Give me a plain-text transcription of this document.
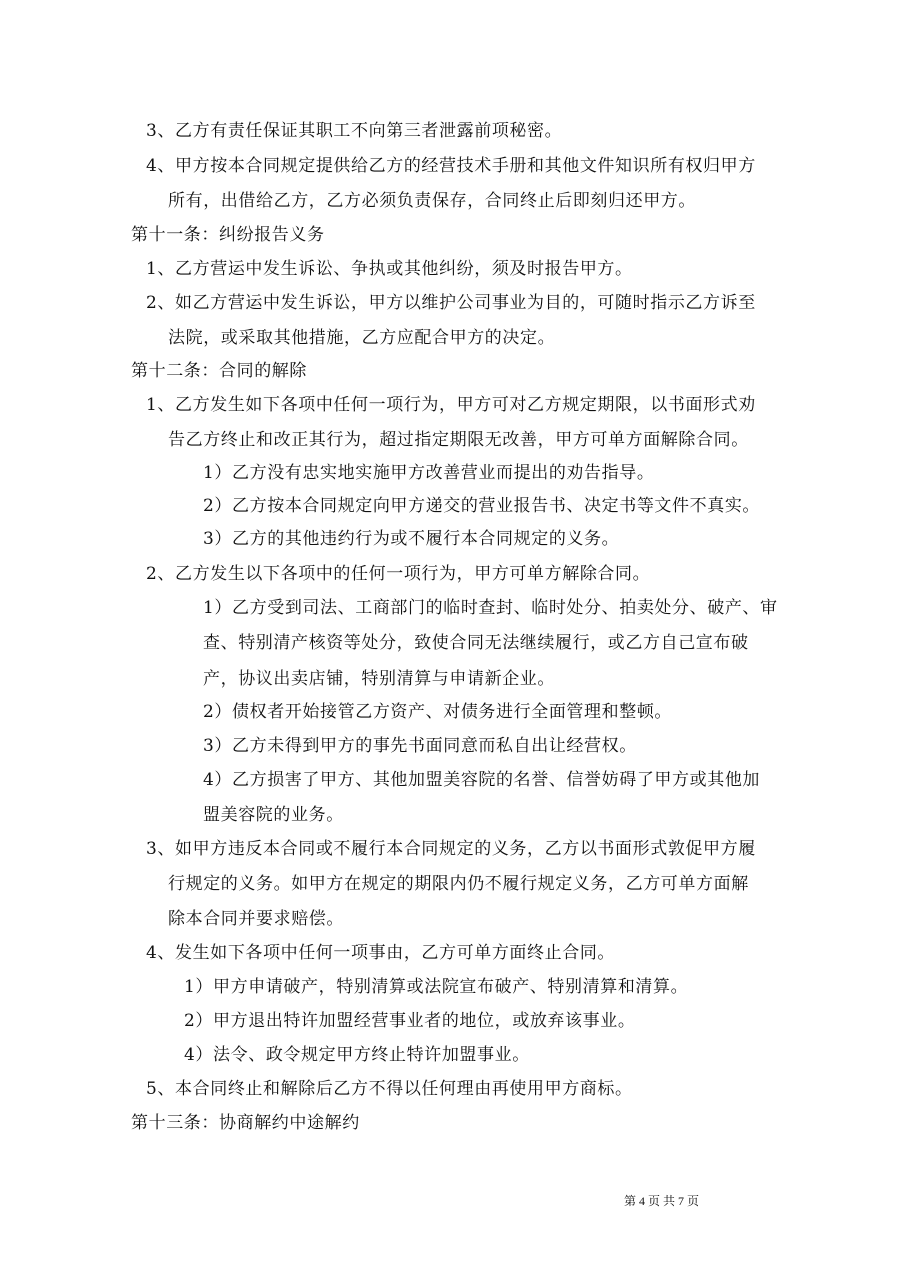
3、乙方有责任保证其职工不向第三者泄露前项秘密。
4、甲方按本合同规定提供给乙方的经营技术手册和其他文件知识所有权归甲方
所有，出借给乙方，乙方必须负责保存，合同终止后即刻归还甲方。
第十一条：纠纷报告义务
1、乙方营运中发生诉讼、争执或其他纠纷，须及时报告甲方。
2、如乙方营运中发生诉讼，甲方以维护公司事业为目的，可随时指示乙方诉至
法院，或采取其他措施，乙方应配合甲方的决定。
第十二条：合同的解除
1、乙方发生如下各项中任何一项行为，甲方可对乙方规定期限，以书面形式劝
告乙方终止和改正其行为，超过指定期限无改善，甲方可单方面解除合同。
1）乙方没有忠实地实施甲方改善营业而提出的劝告指导。
2）乙方按本合同规定向甲方递交的营业报告书、决定书等文件不真实。
3）乙方的其他违约行为或不履行本合同规定的义务。
2、乙方发生以下各项中的任何一项行为，甲方可单方解除合同。
1）乙方受到司法、工商部门的临时查封、临时处分、拍卖处分、破产、审
查、特别清产核资等处分，致使合同无法继续履行，或乙方自己宣布破
产，协议出卖店铺，特别清算与申请新企业。
2）债权者开始接管乙方资产、对债务进行全面管理和整顿。
3）乙方未得到甲方的事先书面同意而私自出让经营权。
4）乙方损害了甲方、其他加盟美容院的名誉、信誉妨碍了甲方或其他加
盟美容院的业务。
3、如甲方违反本合同或不履行本合同规定的义务，乙方以书面形式敦促甲方履
行规定的义务。如甲方在规定的期限内仍不履行规定义务，乙方可单方面解
除本合同并要求赔偿。
4、发生如下各项中任何一项事由，乙方可单方面终止合同。
1）甲方申请破产，特别清算或法院宣布破产、特别清算和清算。
2）甲方退出特许加盟经营事业者的地位，或放弃该事业。
4）法令、政令规定甲方终止特许加盟事业。
5、本合同终止和解除后乙方不得以任何理由再使用甲方商标。
第十三条：协商解约中途解约
第 4 页 共 7 页
